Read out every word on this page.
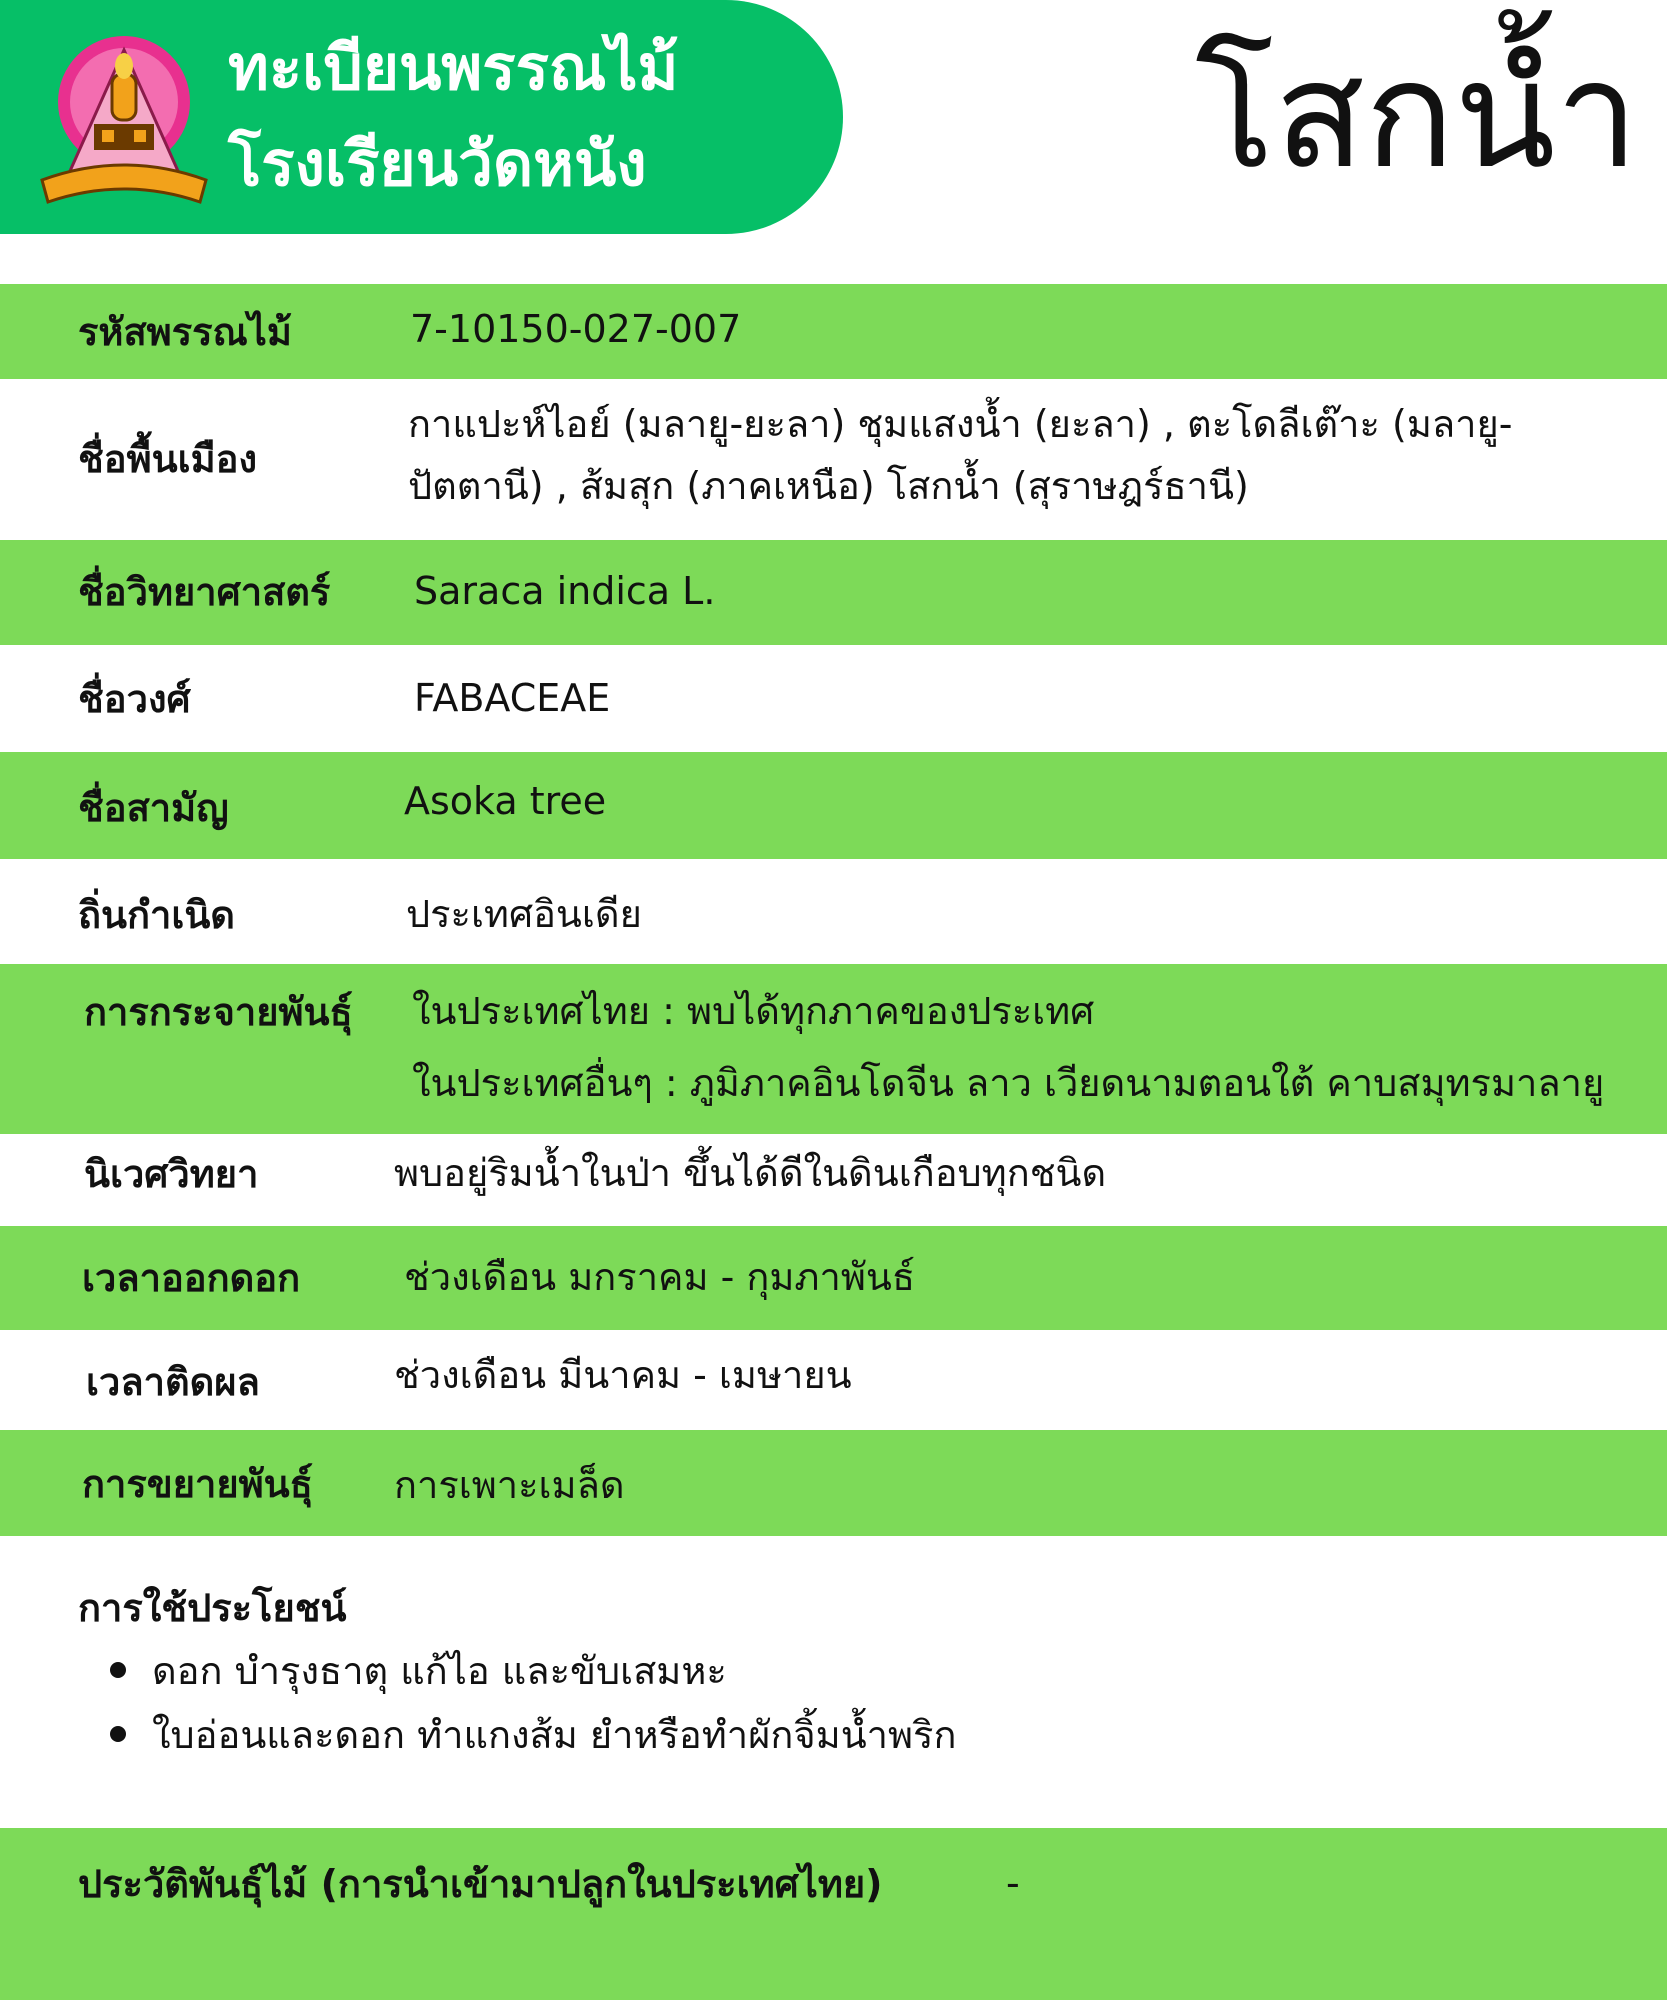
ทะเบียนพรรณไม้
โรงเรียนวัดหนัง	โสกน้ำ
รหัสพรรณไม้	7-10150-027-007
ชื่อพื้นเมือง
กาแปะห์ไอย์ (มลายู-ยะลา) ชุมแสงน้ำ (ยะลา) , ตะโดลีเต๊าะ (มลายู-
ปัตตานี) , ส้มสุก (ภาคเหนือ) โสกน้ำ (สุราษฎร์ธานี)
ชื่อวิทยาศาสตร์ Saraca indica L.
ชื่อวงศ์	FABACEAE
ชื่อสามัญ	Asoka tree
ถิ่นกำเนิด	ประเทศอินเดีย
การกระจายพันธุ์ ในประเทศไทย : พบได้ทุกภาคของประเทศ
ในประเทศอื่นๆ : ภูมิภาคอินโดจีน ลาว เวียดนามตอนใต้ คาบสมุทรมาลายู
นิเวศวิทยา	พบอยู่ริมน้ำในป่า ขึ้นได้ดีในดินเกือบทุกชนิด
เวลาออกดอก	ช่วงเดือน มกราคม - กุมภาพันธ์
เวลาติดผล	ช่วงเดือน มีนาคม - เมษายน
การขยายพันธุ์ การเพาะเมล็ด
การใช้ประโยชน์
ดอก บำรุงธาตุ แก้ไอ และขับเสมหะ
ใบอ่อนและดอก ทำแกงส้ม ยำหรือทำผักจิ้มน้ำพริก
ประวัติพันธุ์ไม้ (การนำเข้ามาปลูกในประเทศไทย)	-
